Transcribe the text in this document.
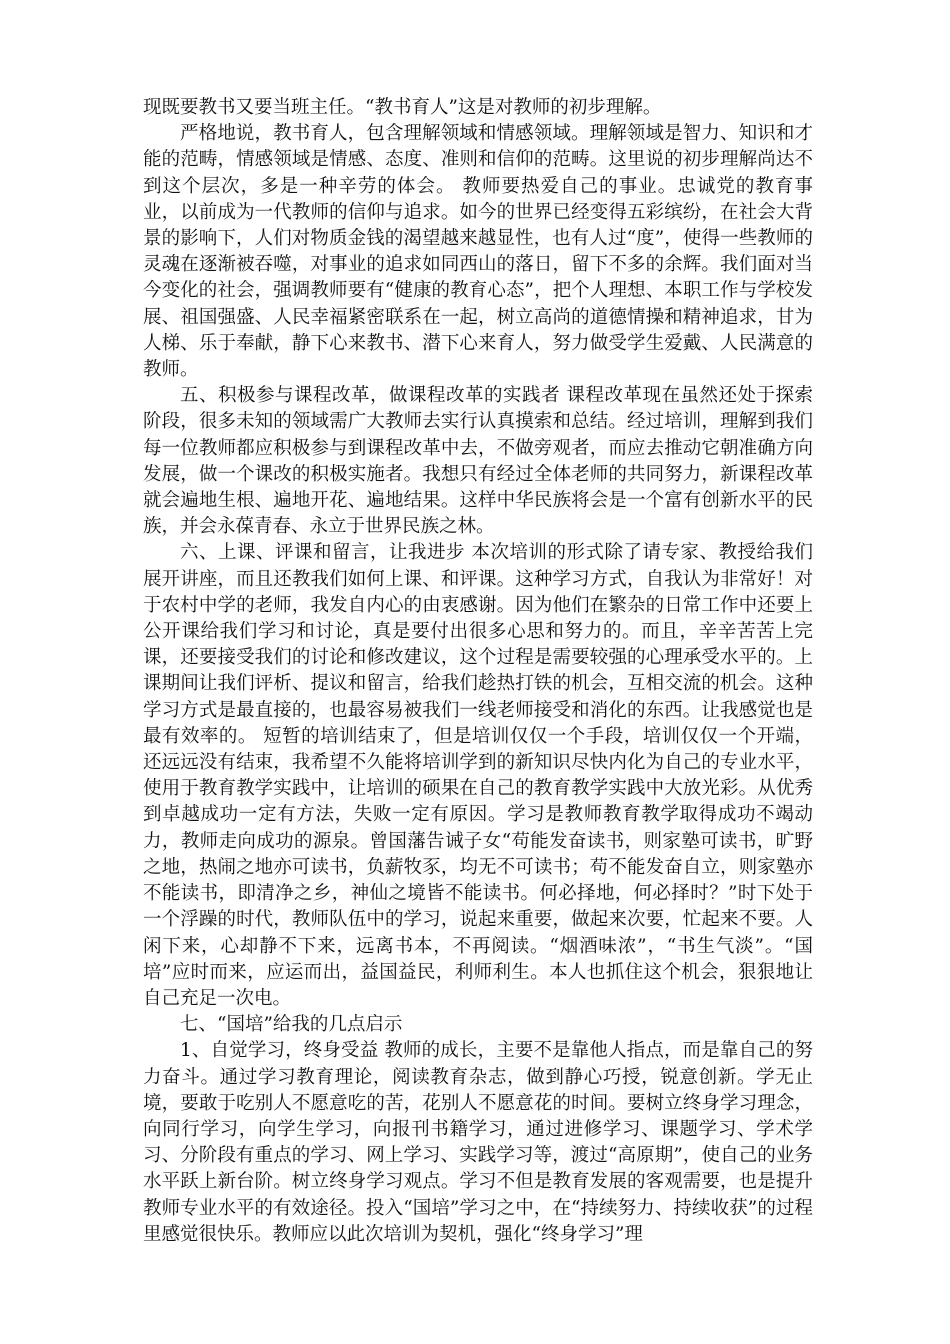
现既要教书又要当班主任。“教书育人”这是对教师的初步理解。

严格地说，教书育人，包含理解领域和情感领域。理解领域是智力、知识和才能的范畴，情感领域是情感、态度、准则和信仰的范畴。这里说的初步理解尚达不到这个层次，多是一种辛劳的体会。 教师要热爱自己的事业。忠诚党的教育事业，以前成为一代教师的信仰与追求。如今的世界已经变得五彩缤纷，在社会大背景的影响下，人们对物质金钱的渴望越来越显性，也有人过“度”，使得一些教师的灵魂在逐渐被吞噬，对事业的追求如同西山的落日，留下不多的余辉。我们面对当今变化的社会，强调教师要有“健康的教育心态”，把个人理想、本职工作与学校发展、祖国强盛、人民幸福紧密联系在一起，树立高尚的道德情操和精神追求，甘为人梯、乐于奉献，静下心来教书、潜下心来育人，努力做受学生爱戴、人民满意的教师。

五、积极参与课程改革，做课程改革的实践者 课程改革现在虽然还处于探索阶段，很多未知的领域需广大教师去实行认真摸索和总结。经过培训，理解到我们每一位教师都应积极参与到课程改革中去，不做旁观者，而应去推动它朝准确方向发展，做一个课改的积极实施者。我想只有经过全体老师的共同努力，新课程改革就会遍地生根、遍地开花、遍地结果。这样中华民族将会是一个富有创新水平的民族，并会永葆青春、永立于世界民族之林。

六、上课、评课和留言，让我进步 本次培训的形式除了请专家、教授给我们展开讲座，而且还教我们如何上课、和评课。这种学习方式，自我认为非常好！对于农村中学的老师，我发自内心的由衷感谢。因为他们在繁杂的日常工作中还要上公开课给我们学习和讨论，真是要付出很多心思和努力的。而且，辛辛苦苦上完课，还要接受我们的讨论和修改建议，这个过程是需要较强的心理承受水平的。上课期间让我们评析、提议和留言，给我们趁热打铁的机会，互相交流的机会。这种学习方式是最直接的，也最容易被我们一线老师接受和消化的东西。让我感觉也是最有效率的。 短暂的培训结束了，但是培训仅仅一个手段，培训仅仅一个开端，还远远没有结束，我希望不久能将培训学到的新知识尽快内化为自己的专业水平，使用于教育教学实践中，让培训的硕果在自己的教育教学实践中大放光彩。从优秀到卓越成功一定有方法，失败一定有原因。学习是教师教育教学取得成功不竭动力，教师走向成功的源泉。曾国藩告诫子女“苟能发奋读书，则家塾可读书，旷野之地，热闹之地亦可读书，负薪牧豕，均无不可读书；苟不能发奋自立，则家塾亦不能读书，即清净之乡，神仙之境皆不能读书。何必择地，何必择时？”时下处于一个浮躁的时代，教师队伍中的学习，说起来重要，做起来次要，忙起来不要。人闲下来，心却静不下来，远离书本，不再阅读。“烟酒味浓”，“书生气淡”。“国培”应时而来，应运而出，益国益民，利师利生。本人也抓住这个机会，狠狠地让自己充足一次电。

七、“国培”给我的几点启示

1、自觉学习，终身受益 教师的成长，主要不是靠他人指点，而是靠自己的努力奋斗。通过学习教育理论，阅读教育杂志，做到静心巧授，锐意创新。学无止境，要敢于吃别人不愿意吃的苦，花别人不愿意花的时间。要树立终身学习理念，向同行学习，向学生学习，向报刊书籍学习，通过进修学习、课题学习、学术学习、分阶段有重点的学习、网上学习、实践学习等，渡过“高原期”，使自己的业务水平跃上新台阶。树立终身学习观点。学习不但是教育发展的客观需要，也是提升教师专业水平的有效途径。投入“国培”学习之中，在“持续努力、持续收获”的过程里感觉很快乐。教师应以此次培训为契机，强化“终身学习”理
